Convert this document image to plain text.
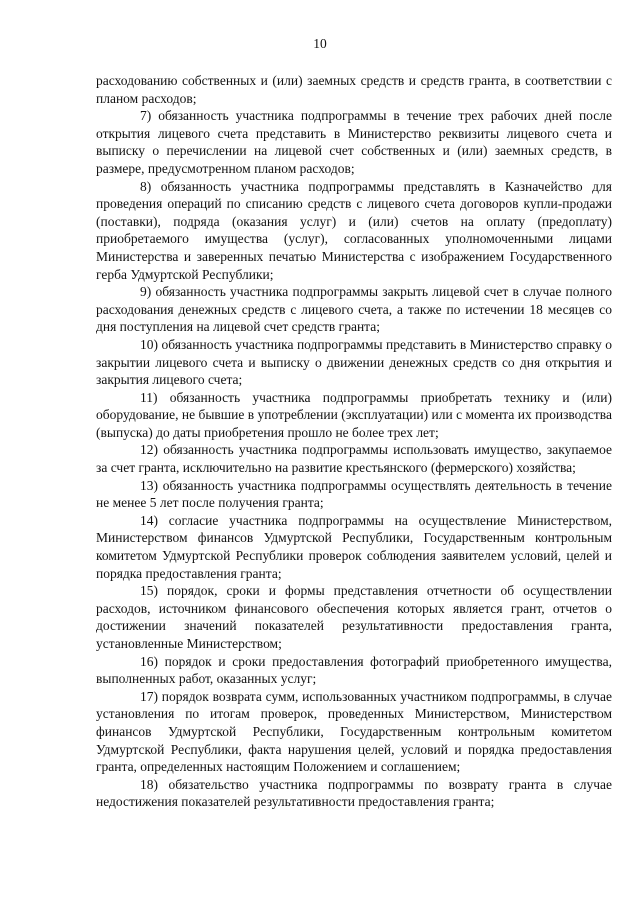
10

расходованию собственных и (или) заемных средств и средств гранта, в соответствии с планом расходов;

7) обязанность участника подпрограммы в течение трех рабочих дней после открытия лицевого счета представить в Министерство реквизиты лицевого счета и выписку о перечислении на лицевой счет собственных и (или) заемных средств, в размере, предусмотренном планом расходов;

8) обязанность участника подпрограммы представлять в Казначейство для проведения операций по списанию средств с лицевого счета договоров купли-продажи (поставки), подряда (оказания услуг) и (или) счетов на оплату (предоплату) приобретаемого имущества (услуг), согласованных уполномоченными лицами Министерства и заверенных печатью Министерства с изображением Государственного герба Удмуртской Республики;

9) обязанность участника подпрограммы закрыть лицевой счет в случае полного расходования денежных средств с лицевого счета, а также по истечении 18 месяцев со дня поступления на лицевой счет средств гранта;

10) обязанность участника подпрограммы представить в Министерство справку о закрытии лицевого счета и выписку о движении денежных средств со дня открытия и закрытия лицевого счета;

11) обязанность участника подпрограммы приобретать технику и (или) оборудование, не бывшие в употреблении (эксплуатации) или с момента их производства (выпуска) до даты приобретения прошло не более трех лет;

12) обязанность участника подпрограммы использовать имущество, закупаемое за счет гранта, исключительно на развитие крестьянского (фермерского) хозяйства;

13) обязанность участника подпрограммы осуществлять деятельность в течение не менее 5 лет после получения гранта;

14) согласие участника подпрограммы на осуществление Министерством, Министерством финансов Удмуртской Республики, Государственным контрольным комитетом Удмуртской Республики проверок соблюдения заявителем условий, целей и порядка предоставления гранта;

15) порядок, сроки и формы представления отчетности об осуществлении расходов, источником финансового обеспечения которых является грант, отчетов о достижении значений показателей результативности предоставления гранта, установленные Министерством;

16) порядок и сроки предоставления фотографий приобретенного имущества, выполненных работ, оказанных услуг;

17) порядок возврата сумм, использованных участником подпрограммы, в случае установления по итогам проверок, проведенных Министерством, Министерством финансов Удмуртской Республики, Государственным контрольным комитетом Удмуртской Республики, факта нарушения целей, условий и порядка предоставления гранта, определенных настоящим Положением и соглашением;

18) обязательство участника подпрограммы по возврату гранта в случае недостижения показателей результативности предоставления гранта;
